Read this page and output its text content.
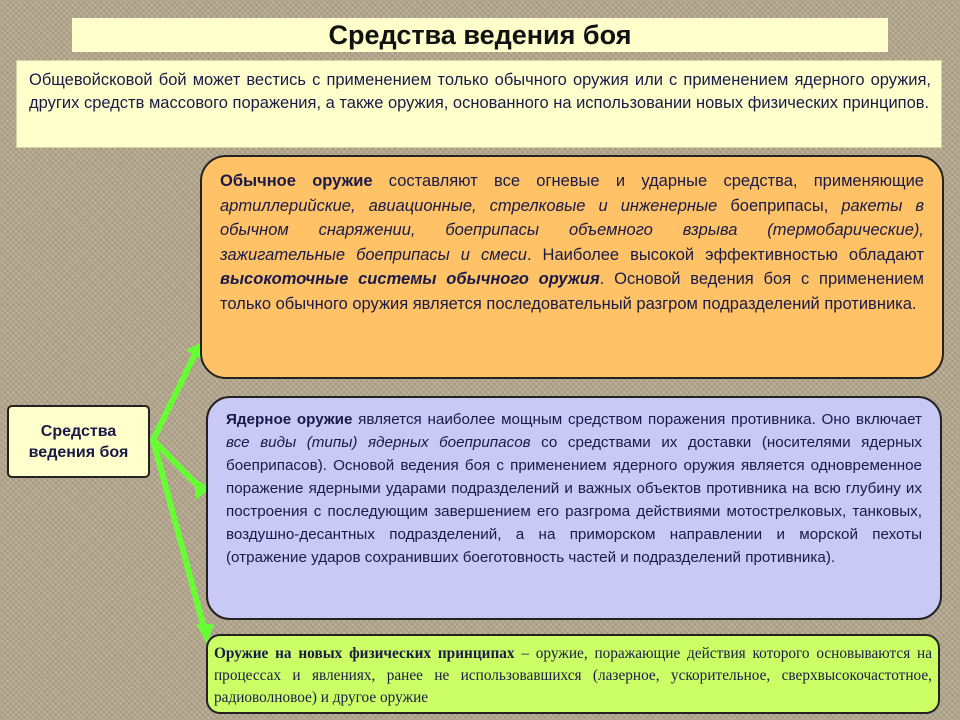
Средства ведения боя
Общевойсковой бой может вестись с применением только обычного оружия или с применением ядерного оружия, других средств массового поражения, а также оружия, основанного на использовании новых физических принципов.
Средства ведения боя
Обычное оружие составляют все огневые и ударные средства, применяющие артиллерийские, авиационные, стрелковые и инженерные боеприпасы, ракеты в обычном снаряжении, боеприпасы объемного взрыва (термобарические), зажигательные боеприпасы и смеси. Наиболее высокой эффективностью обладают высокоточные системы обычного оружия. Основой ведения боя с применением только обычного оружия является последовательный разгром подразделений противника.
Ядерное оружие является наиболее мощным средством поражения противника. Оно включает все виды (типы) ядерных боеприпасов со средствами их доставки (носителями ядерных боеприпасов). Основой ведения боя с применением ядерного оружия является одновременное поражение ядерными ударами подразделений и важных объектов противника на всю глубину их построения с последующим завершением его разгрома действиями мотострелковых, танковых, воздушно-десантных подразделений, а на приморском направлении и морской пехоты (отражение ударов сохранивших боеготовность частей и подразделений противника).
Оружие на новых физических принципах – оружие, поражающие действия которого основываются на процессах и явлениях, ранее не использовавшихся (лазерное, ускорительное, сверхвысокочастотное, радиоволновое) и другое оружие
